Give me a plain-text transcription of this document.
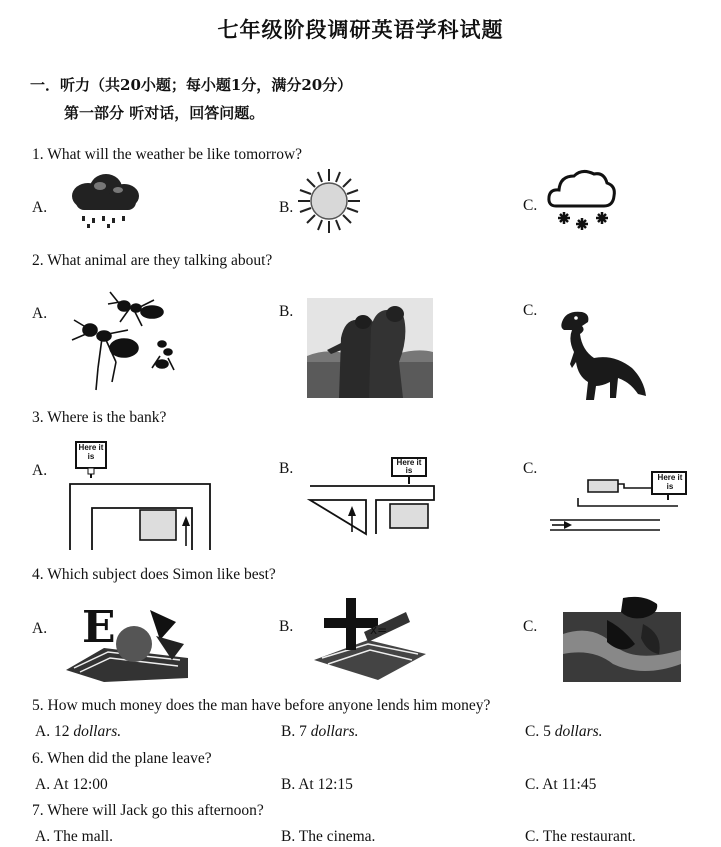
七年级阶段调研英语学科试题
一．听力（共20小题；每小题1分，满分20分）
第一部分 听对话，回答问题。
1. What will the weather be like tomorrow?
A.	B.	C.
2. What animal are they talking about?
A.	B.	C.
3. Where is the bank?
A.	B.	C.
Here it is
Here it is
Here it is
4. Which subject does Simon like best?
A.	B.	C.
E	x=
5. How much money does the man have before anyone lends him money?
A. 12 dollars.	B. 7 dollars.	C. 5 dollars.
6. When did the plane leave?
A. At 12:00	B. At 12:15	C. At 11:45
7. Where will Jack go this afternoon?
A. The mall.	B. The cinema.	C. The restaurant.
